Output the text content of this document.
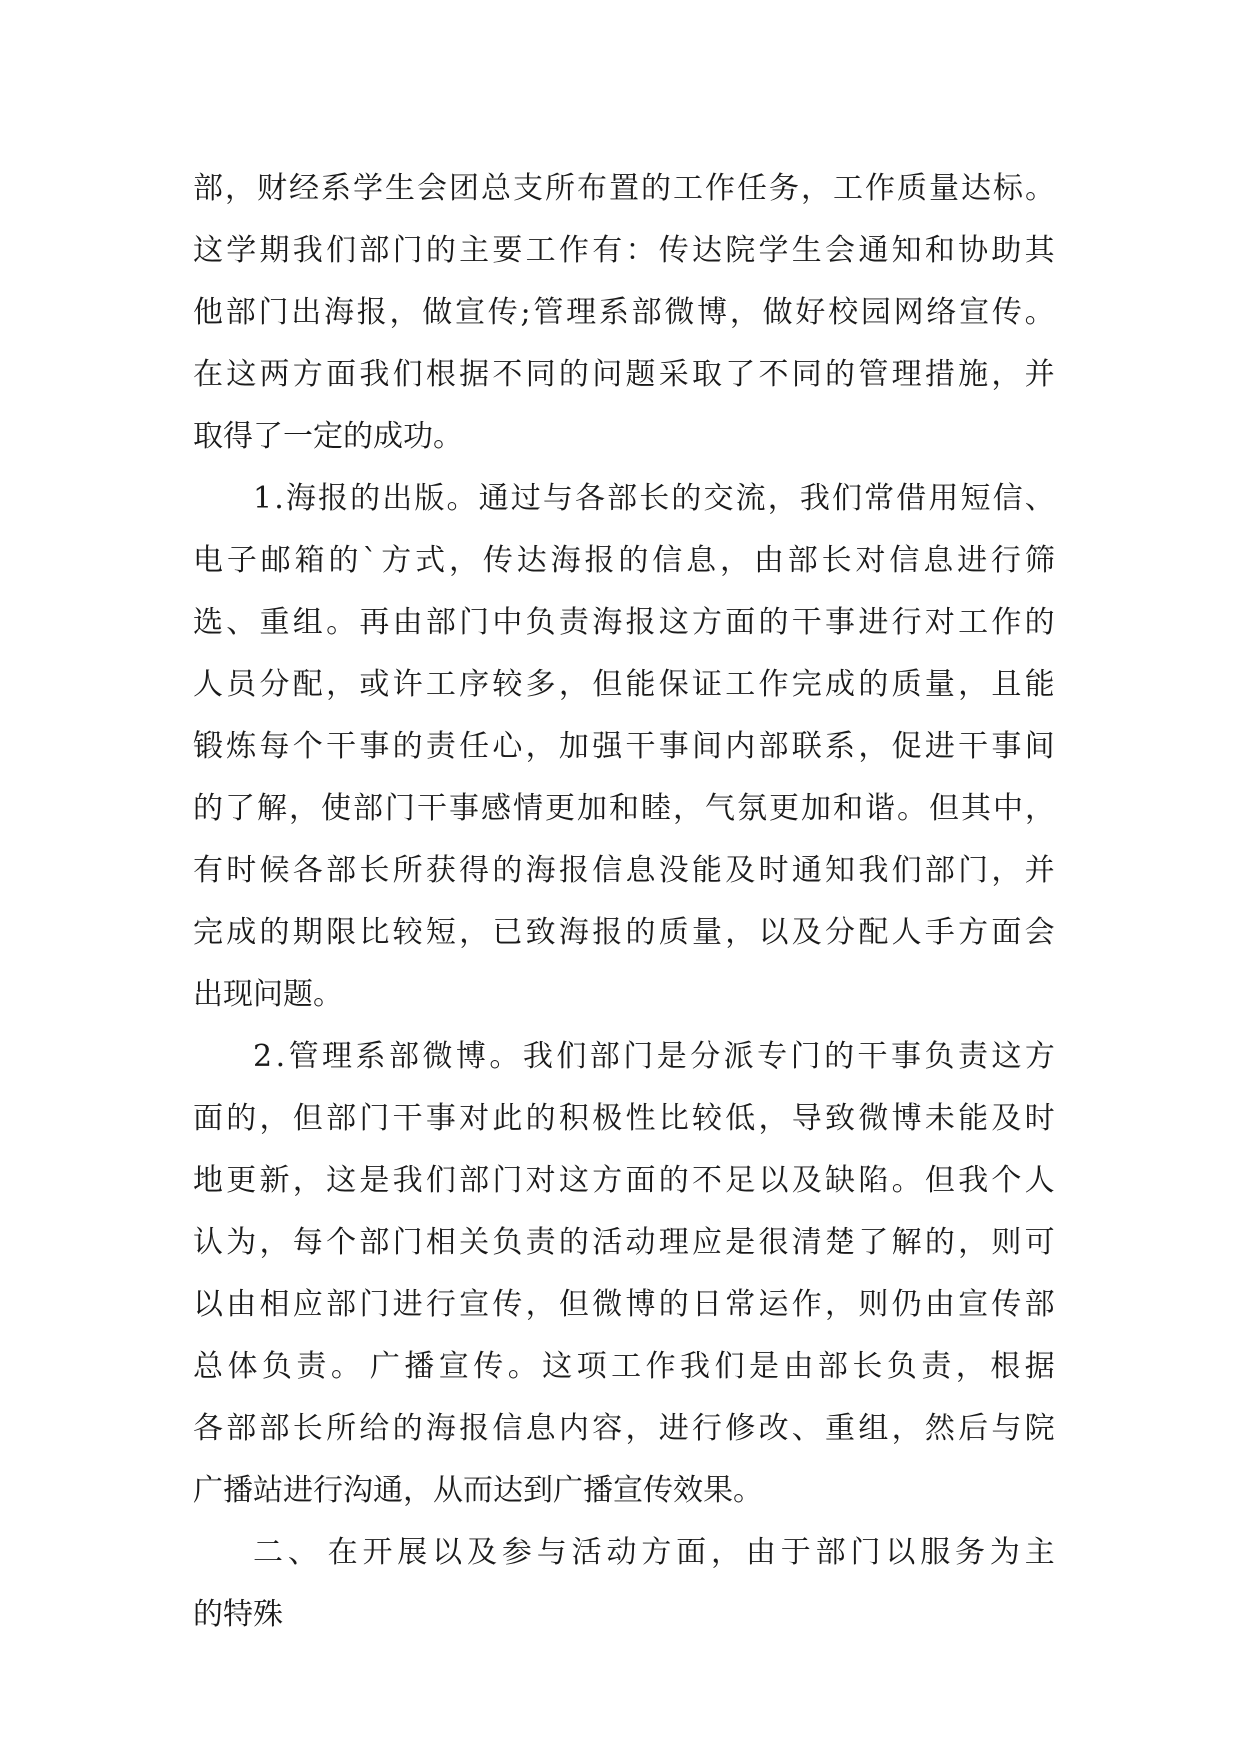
部 ， 财 经 系 学 生 会 团 总 支 所 布 置 的 工 作 任 务 ， 工 作 质 量 达 标 。
这 学 期 我 们 部 门 的 主 要 工 作 有 ： 传 达 院 学 生 会 通 知 和 协 助 其
他 部 门 出 海 报 ， 做 宣 传 ; 管 理 系 部 微 博 ， 做 好 校 园 网 络 宣 传 。
在 这 两 方 面 我 们 根 据 不 同 的 问 题 采 取 了 不 同 的 管 理 措 施 ， 并
取得了一定的成功。
1 . 海 报 的 出 版 。 通 过 与 各 部 长 的 交 流 ， 我 们 常 借 用 短 信 、
电 子 邮 箱 的 ` 方 式 ， 传 达 海 报 的 信 息 ， 由 部 长 对 信 息 进 行 筛
选 、 重 组 。 再 由 部 门 中 负 责 海 报 这 方 面 的 干 事 进 行 对 工 作 的
人 员 分 配 ， 或 许 工 序 较 多 ， 但 能 保 证 工 作 完 成 的 质 量 ， 且 能
锻 炼 每 个 干 事 的 责 任 心 ， 加 强 干 事 间 内 部 联 系 ， 促 进 干 事 间
的 了 解 ， 使 部 门 干 事 感 情 更 加 和 睦 ， 气 氛 更 加 和 谐 。 但 其 中 ，
有 时 候 各 部 长 所 获 得 的 海 报 信 息 没 能 及 时 通 知 我 们 部 门 ， 并
完 成 的 期 限 比 较 短 ， 已 致 海 报 的 质 量 ， 以 及 分 配 人 手 方 面 会
出现问题。
2 . 管 理 系 部 微 博 。 我 们 部 门 是 分 派 专 门 的 干 事 负 责 这 方
面 的 ， 但 部 门 干 事 对 此 的 积 极 性 比 较 低 ， 导 致 微 博 未 能 及 时
地 更 新 ， 这 是 我 们 部 门 对 这 方 面 的 不 足 以 及 缺 陷 。 但 我 个 人
认 为 ， 每 个 部 门 相 关 负 责 的 活 动 理 应 是 很 清 楚 了 解 的 ， 则 可
以 由 相 应 部 门 进 行 宣 传 ， 但 微 博 的 日 常 运 作 ， 则 仍 由 宣 传 部
总 体 负 责 。 广 播 宣 传 。 这 项 工 作 我 们 是 由 部 长 负 责 ， 根 据
各 部 部 长 所 给 的 海 报 信 息 内 容 ， 进 行 修 改 、 重 组 ， 然 后 与 院
广播站进行沟通，从而达到广播宣传效果。
二 、 在 开 展 以 及 参 与 活 动 方 面 ， 由 于 部 门 以 服 务 为 主
的特殊
